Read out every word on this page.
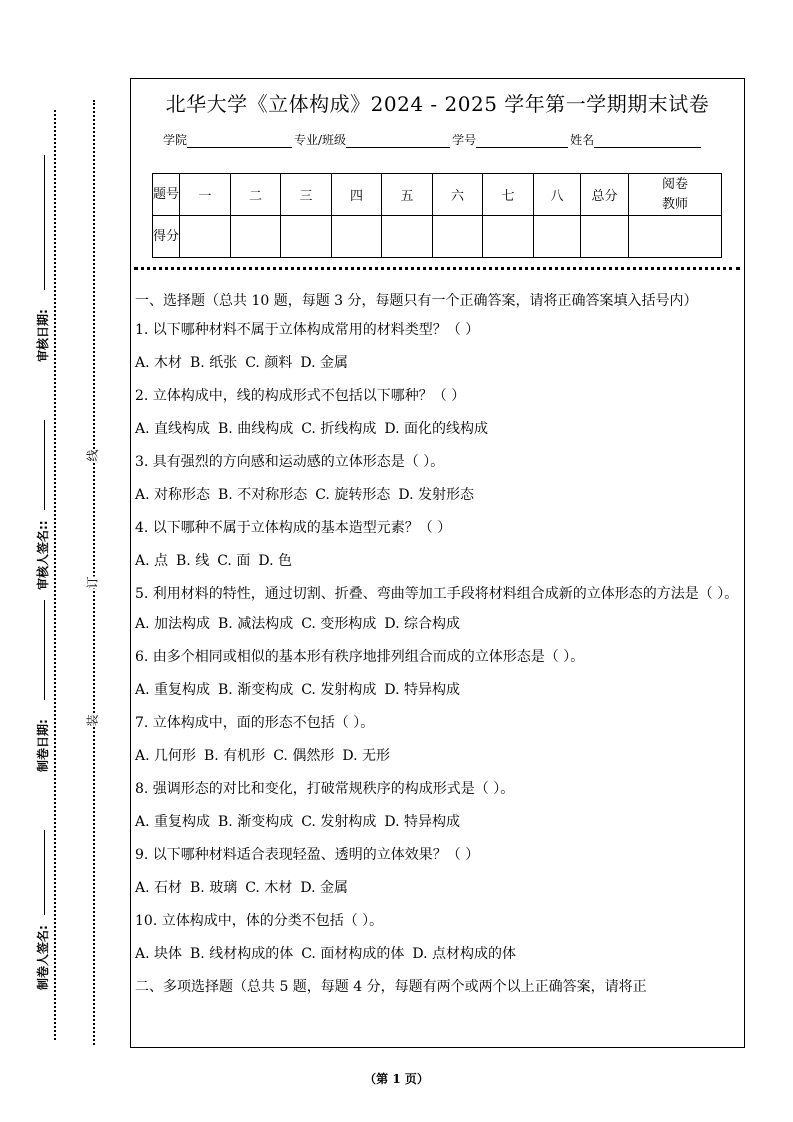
审核日期:
审核人签名::
制卷日期:
制卷人签名:
线
订
装
北华大学《立体构成》2024 - 2025 学年第一学期期末试卷
学院	专业/班级	学号	姓名
题号	一	二	三	四	五	六	七	八	总分	阅卷教师
得分										
一、选择题（总共 10 题，每题 3 分，每题只有一个正确答案，请将正确答案填入括号内）
1. 以下哪种材料不属于立体构成常用的材料类型？（ ）
A. 木材 B. 纸张 C. 颜料 D. 金属
2. 立体构成中，线的构成形式不包括以下哪种？（ ）
A. 直线构成 B. 曲线构成 C. 折线构成 D. 面化的线构成
3. 具有强烈的方向感和运动感的立体形态是（ ）。
A. 对称形态 B. 不对称形态 C. 旋转形态 D. 发射形态
4. 以下哪种不属于立体构成的基本造型元素？（ ）
A. 点 B. 线 C. 面 D. 色
5. 利用材料的特性，通过切割、折叠、弯曲等加工手段将材料组合成新的立体形态的方法是（ ）。
A. 加法构成 B. 减法构成 C. 变形构成 D. 综合构成
6. 由多个相同或相似的基本形有秩序地排列组合而成的立体形态是（ ）。
A. 重复构成 B. 渐变构成 C. 发射构成 D. 特异构成
7. 立体构成中，面的形态不包括（ ）。
A. 几何形 B. 有机形 C. 偶然形 D. 无形
8. 强调形态的对比和变化，打破常规秩序的构成形式是（ ）。
A. 重复构成 B. 渐变构成 C. 发射构成 D. 特异构成
9. 以下哪种材料适合表现轻盈、透明的立体效果？（ ）
A. 石材 B. 玻璃 C. 木材 D. 金属
10. 立体构成中，体的分类不包括（ ）。
A. 块体 B. 线材构成的体 C. 面材构成的体 D. 点材构成的体
二、多项选择题（总共 5 题，每题 4 分，每题有两个或两个以上正确答案，请将正
（第 1 页）
